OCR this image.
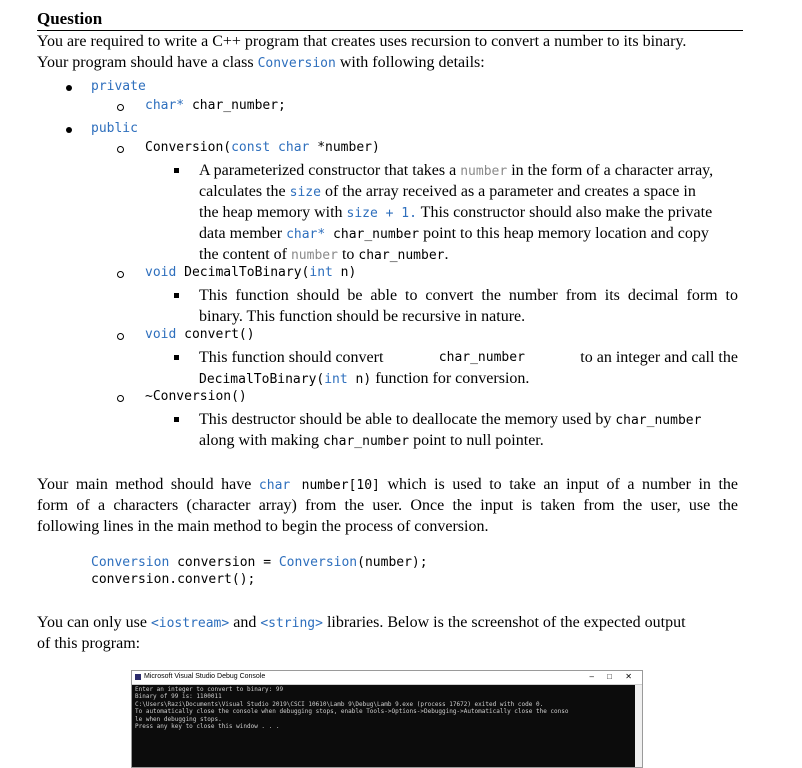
Question

You are required to write a C++ program that creates uses recursion to convert a number to its binary.

Your program should have a class Conversion with following details:

private
char* char_number;
public
Conversion(const char *number)
A parameterized constructor that takes a number in the form of a character array,
calculates the size of the array received as a parameter and creates a space in
the heap memory with size + 1. This constructor should also make the private
data member char* char_number point to this heap memory location and copy
the content of number to char_number.
void DecimalToBinary(int n)
This function should be able to convert the number from its decimal form to
binary. This function should be recursive in nature.
void convert()
This function should convert	char_number	to an integer and call the
DecimalToBinary(int n) function for conversion.
~Conversion()
This destructor should be able to deallocate the memory used by char_number
along with making char_number point to null pointer.
Your main method should have char number[10] which is used to take an input of a number in the
form of a characters (character array) from the user. Once the input is taken from the user, use the
following lines in the main method to begin the process of conversion.
Conversion conversion = Conversion(number);
conversion.convert();
You can only use <iostream> and <string> libraries. Below is the screenshot of the expected output
of this program:
Microsoft Visual Studio Debug Console	– □ ✕
Enter an integer to convert to binary: 99
Binary of 99 is: 1100011
C:\Users\Razi\Documents\Visual Studio 2019\CSCI 10610\Lamb 9\Debug\Lamb 9.exe (process 17672) exited with code 0.
To automatically close the console when debugging stops, enable Tools->Options->Debugging->Automatically close the conso
le when debugging stops.
Press any key to close this window . . .
